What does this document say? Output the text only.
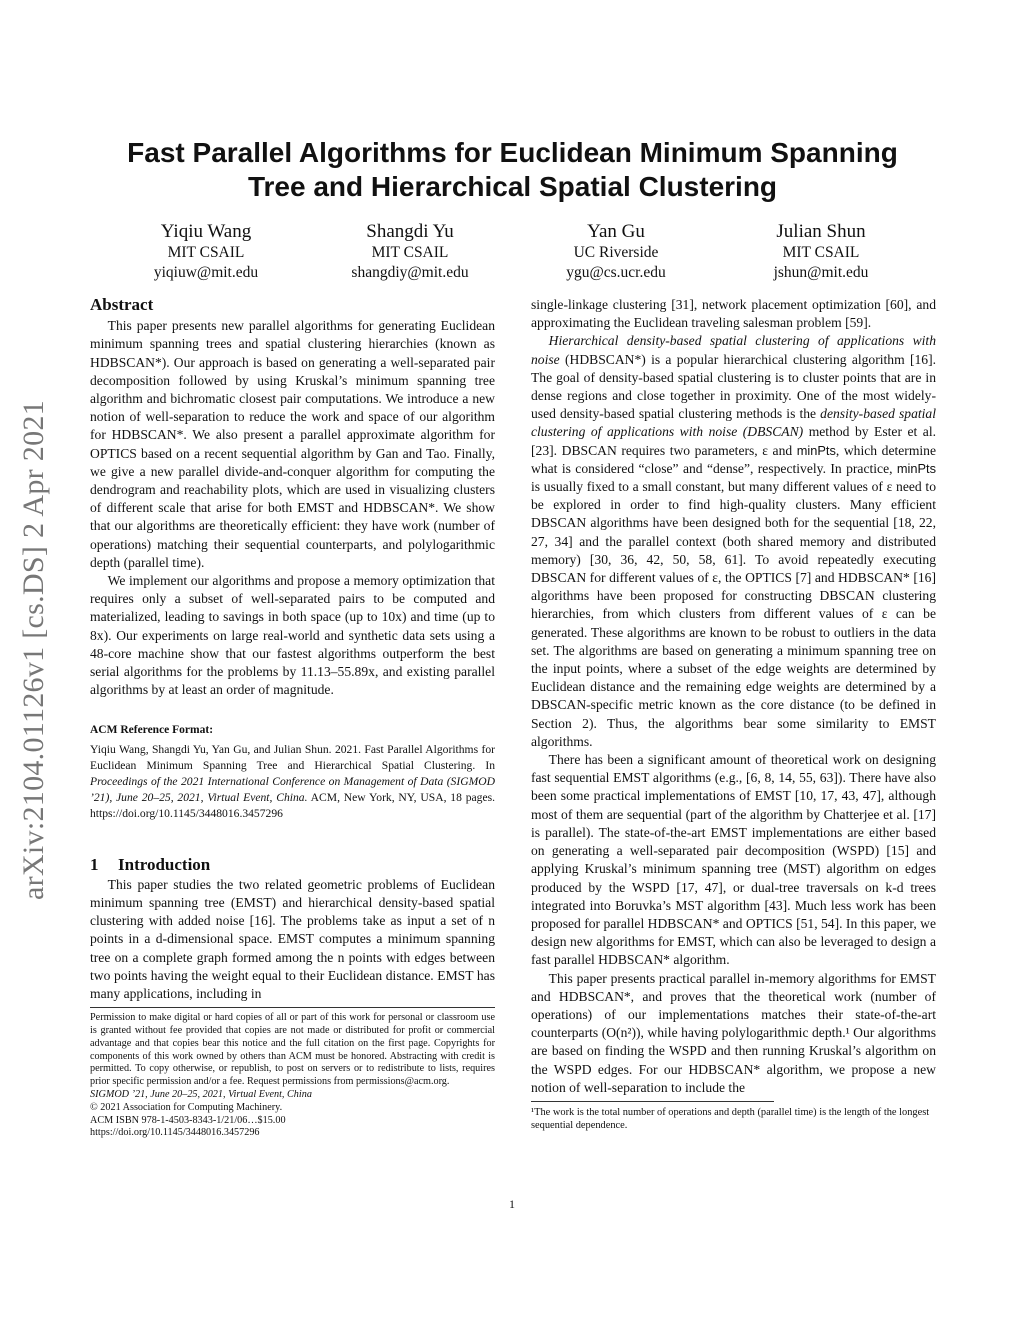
arXiv:2104.01126v1 [cs.DS] 2 Apr 2021
Fast Parallel Algorithms for Euclidean Minimum Spanning
Tree and Hierarchical Spatial Clustering
Yiqiu Wang
MIT CSAIL
yiqiuw@mit.edu
Shangdi Yu
MIT CSAIL
shangdiy@mit.edu
Yan Gu
UC Riverside
ygu@cs.ucr.edu
Julian Shun
MIT CSAIL
jshun@mit.edu
Abstract

This paper presents new parallel algorithms for generating Euclidean minimum spanning trees and spatial clustering hierarchies (known as HDBSCAN*). Our approach is based on generating a well-separated pair decomposition followed by using Kruskal’s minimum spanning tree algorithm and bichromatic closest pair computations. We introduce a new notion of well-separation to reduce the work and space of our algorithm for HDBSCAN*. We also present a parallel approximate algorithm for OPTICS based on a recent sequential algorithm by Gan and Tao. Finally, we give a new parallel divide-and-conquer algorithm for computing the dendrogram and reachability plots, which are used in visualizing clusters of different scale that arise for both EMST and HDBSCAN*. We show that our algorithms are theoretically efficient: they have work (number of operations) matching their sequential counterparts, and polylogarithmic depth (parallel time).

We implement our algorithms and propose a memory optimization that requires only a subset of well-separated pairs to be computed and materialized, leading to savings in both space (up to 10x) and time (up to 8x). Our experiments on large real-world and synthetic data sets using a 48-core machine show that our fastest algorithms outperform the best serial algorithms for the problems by 11.13–55.89x, and existing parallel algorithms by at least an order of magnitude.

ACM Reference Format:
Yiqiu Wang, Shangdi Yu, Yan Gu, and Julian Shun. 2021. Fast Parallel Algorithms for Euclidean Minimum Spanning Tree and Hierarchical Spatial Clustering. In Proceedings of the 2021 International Conference on Management of Data (SIGMOD ’21), June 20–25, 2021, Virtual Event, China. ACM, New York, NY, USA, 18 pages. https://doi.org/10.1145/3448016.3457296
1 Introduction

This paper studies the two related geometric problems of Euclidean minimum spanning tree (EMST) and hierarchical density-based spatial clustering with added noise [16]. The problems take as input a set of n points in a d-dimensional space. EMST computes a minimum spanning tree on a complete graph formed among the n points with edges between two points having the weight equal to their Euclidean distance. EMST has many applications, including in

Permission to make digital or hard copies of all or part of this work for personal or classroom use is granted without fee provided that copies are not made or distributed for profit or commercial advantage and that copies bear this notice and the full citation on the first page. Copyrights for components of this work owned by others than ACM must be honored. Abstracting with credit is permitted. To copy otherwise, or republish, to post on servers or to redistribute to lists, requires prior specific permission and/or a fee. Request permissions from permissions@acm.org.
SIGMOD ’21, June 20–25, 2021, Virtual Event, China
© 2021 Association for Computing Machinery.
ACM ISBN 978-1-4503-8343-1/21/06…$15.00
https://doi.org/10.1145/3448016.3457296

single-linkage clustering [31], network placement optimization [60], and approximating the Euclidean traveling salesman problem [59].

Hierarchical density-based spatial clustering of applications with noise (HDBSCAN*) is a popular hierarchical clustering algorithm [16]. The goal of density-based spatial clustering is to cluster points that are in dense regions and close together in proximity. One of the most widely-used density-based spatial clustering methods is the density-based spatial clustering of applications with noise (DBSCAN) method by Ester et al. [23]. DBSCAN requires two parameters, ε and minPts, which determine what is considered “close” and “dense”, respectively. In practice, minPts is usually fixed to a small constant, but many different values of ε need to be explored in order to find high-quality clusters. Many efficient DBSCAN algorithms have been designed both for the sequential [18, 22, 27, 34] and the parallel context (both shared memory and distributed memory) [30, 36, 42, 50, 58, 61]. To avoid repeatedly executing DBSCAN for different values of ε, the OPTICS [7] and HDBSCAN* [16] algorithms have been proposed for constructing DBSCAN clustering hierarchies, from which clusters from different values of ε can be generated. These algorithms are known to be robust to outliers in the data set. The algorithms are based on generating a minimum spanning tree on the input points, where a subset of the edge weights are determined by Euclidean distance and the remaining edge weights are determined by a DBSCAN-specific metric known as the core distance (to be defined in Section 2). Thus, the algorithms bear some similarity to EMST algorithms.

There has been a significant amount of theoretical work on designing fast sequential EMST algorithms (e.g., [6, 8, 14, 55, 63]). There have also been some practical implementations of EMST [10, 17, 43, 47], although most of them are sequential (part of the algorithm by Chatterjee et al. [17] is parallel). The state-of-the-art EMST implementations are either based on generating a well-separated pair decomposition (WSPD) [15] and applying Kruskal’s minimum spanning tree (MST) algorithm on edges produced by the WSPD [17, 47], or dual-tree traversals on k-d trees integrated into Boruvka’s MST algorithm [43]. Much less work has been proposed for parallel HDBSCAN* and OPTICS [51, 54]. In this paper, we design new algorithms for EMST, which can also be leveraged to design a fast parallel HDBSCAN* algorithm.

This paper presents practical parallel in-memory algorithms for EMST and HDBSCAN*, and proves that the theoretical work (number of operations) of our implementations matches their state-of-the-art counterparts (O(n²)), while having polylogarithmic depth.¹ Our algorithms are based on finding the WSPD and then running Kruskal’s algorithm on the WSPD edges. For our HDBSCAN* algorithm, we propose a new notion of well-separation to include the

¹The work is the total number of operations and depth (parallel time) is the length of the longest sequential dependence.
1
